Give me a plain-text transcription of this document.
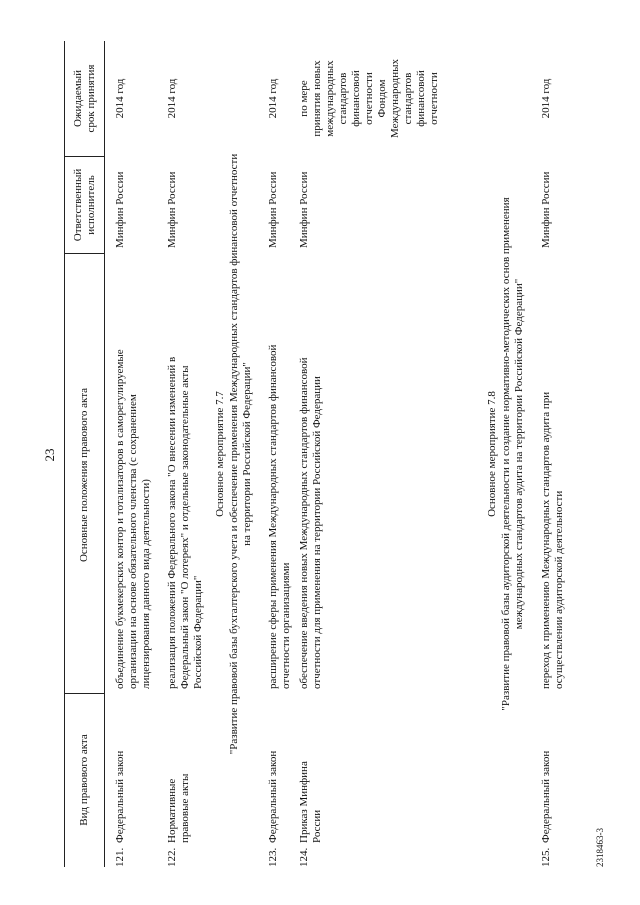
23
Вид правового акта
Основные положения правового акта
Ответственный исполнитель
Ожидаемый срок принятия
121.
Федеральный закон
объединение букмекерских контор и тотализаторов в саморегулируемые организации на основе обязательного членства (с сохранением лицензирования данного вида деятельности)
Минфин России
2014 год
122.
Нормативные правовые акты
реализация положений Федерального закона "О внесении изменений в Федеральный закон "О лотереях" и отдельные законодательные акты Российской Федерации"
Минфин России
2014 год
Основное мероприятие 7.7 "Развитие правовой базы бухгалтерского учета и обеспечение применения Международных стандартов финансовой отчетности на территории Российской Федерации"
123.
Федеральный закон
расширение сферы применения Международных стандартов финансовой отчетности организациями
Минфин России
2014 год
124.
Приказ Минфина России
обеспечение введения новых Международных стандартов финансовой отчетности для применения на территории Российской Федерации
Минфин России
по мере принятия новых международных стандартов финансовой отчетности Фондом Международных стандартов финансовой отчетности
Основное мероприятие 7.8 "Развитие правовой базы аудиторской деятельности и создание нормативно-методических основ применения международных стандартов аудита на территории Российской Федерации"
125.
Федеральный закон
переход к применению Международных стандартов аудита при осуществлении аудиторской деятельности
Минфин России
2014 год
2318463-3
